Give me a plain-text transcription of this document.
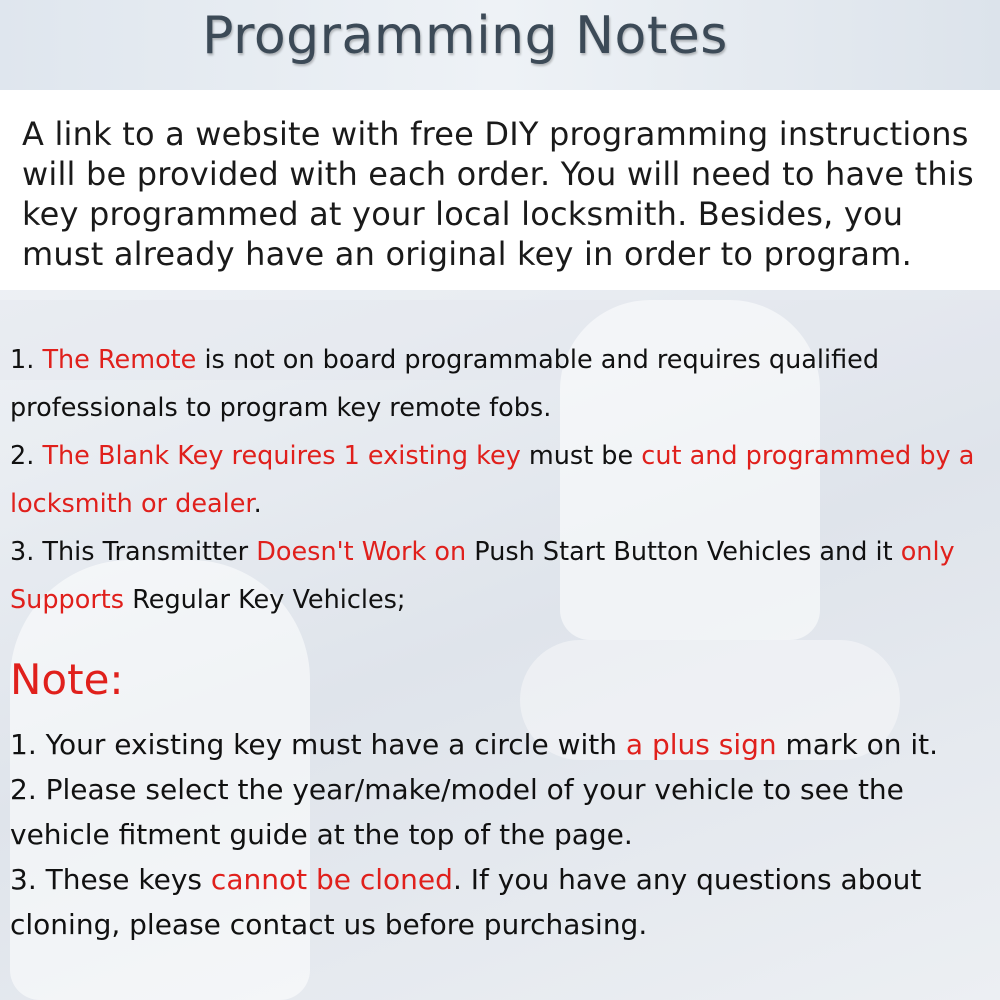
Programming Notes
A link to a website with free DIY programming instructions will be provided with each order. You will need to have this key programmed at your local locksmith. Besides, you must already have an original key in order to program.

1. The Remote is not on board programmable and requires qualified professionals to program key remote fobs.

2. The Blank Key requires 1 existing key must be cut and programmed by a locksmith or dealer.

3. This Transmitter Doesn't Work on Push Start Button Vehicles and it only Supports Regular Key Vehicles;

Note:

1. Your existing key must have a circle with a plus sign mark on it.

2. Please select the year/make/model of your vehicle to see the vehicle fitment guide at the top of the page.

3. These keys cannot be cloned. If you have any questions about cloning, please contact us before purchasing.
